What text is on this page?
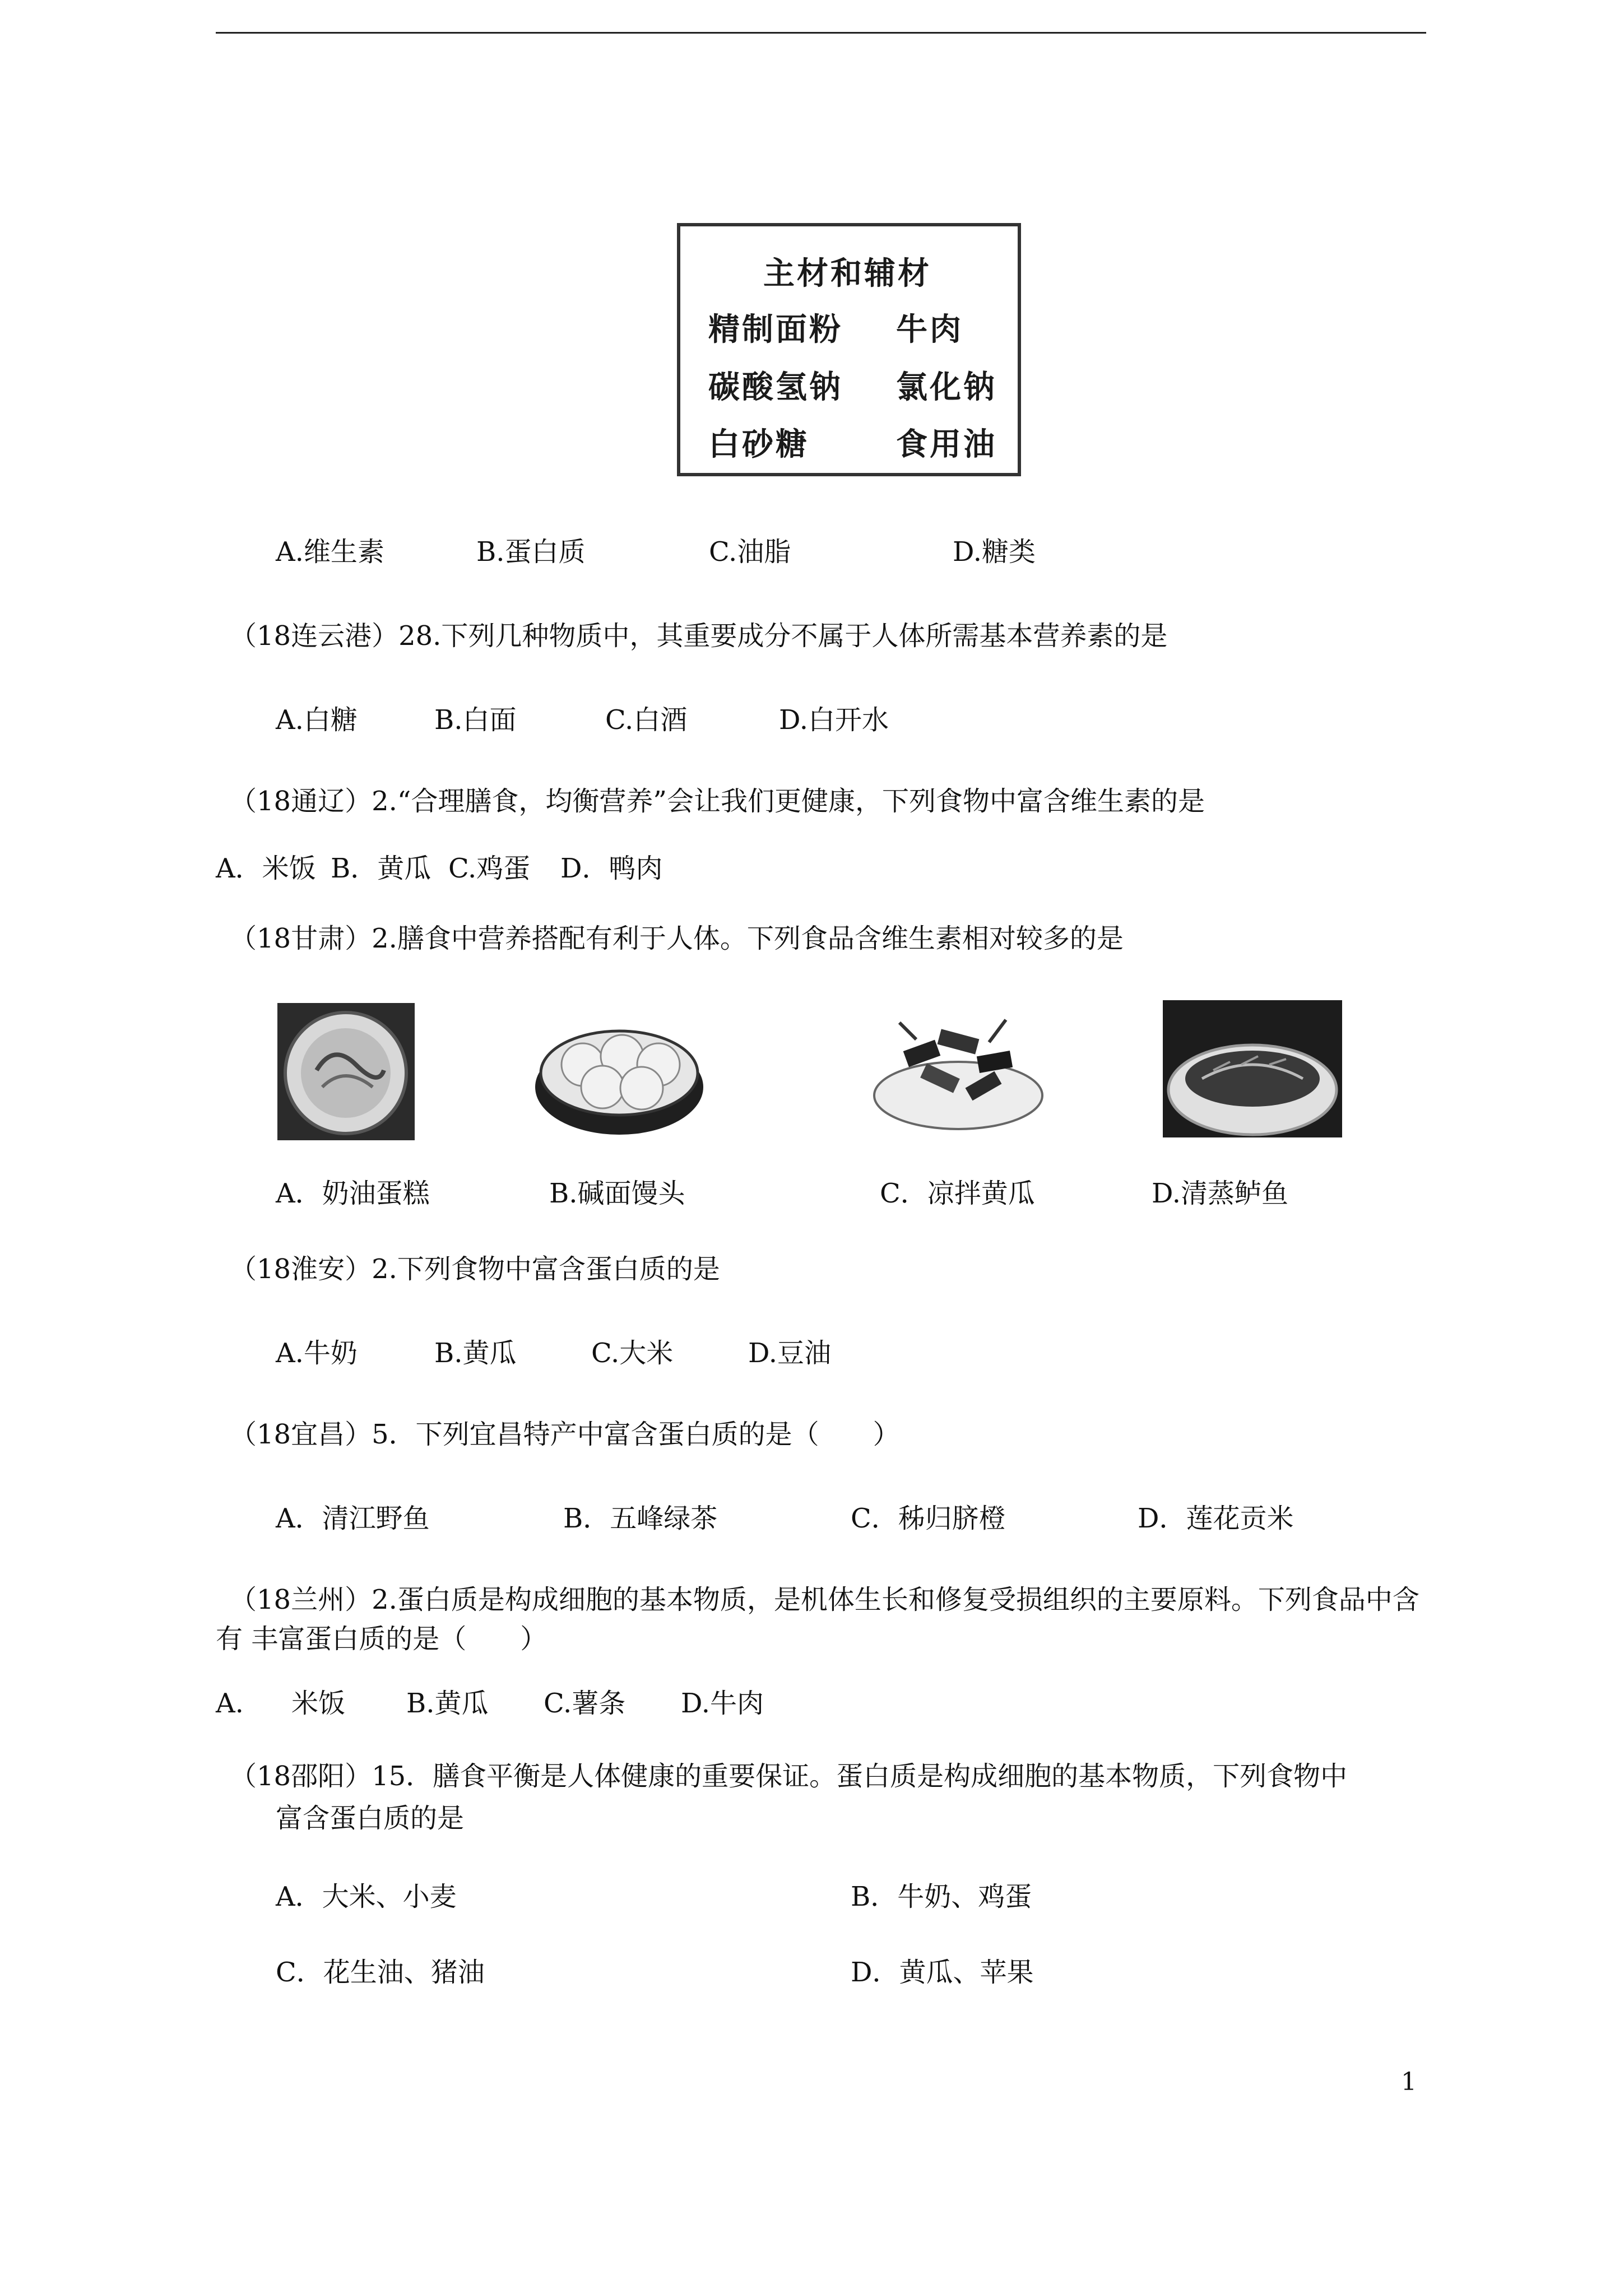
主材和辅材
精制面粉 牛肉
碳酸氢钠 氯化钠
白砂糖	食用油
A.维生素	B.蛋白质	C.油脂	D.糖类
（18连云港）28.下列几种物质中，其重要成分不属于人体所需基本营养素的是
A.白糖	B.白面	C.白酒	D.白开水
（18通辽）2.“合理膳食，均衡营养”会让我们更健康，下列食物中富含维生素的是
A．米饭 B．黄瓜 C.鸡蛋 D．鸭肉
（18甘肃）2.膳食中营养搭配有利于人体。下列食品含维生素相对较多的是
A．奶油蛋糕	B.碱面馒头	C．凉拌黄瓜	D.清蒸鲈鱼
（18淮安）2.下列食物中富含蛋白质的是
A.牛奶	B.黄瓜	C.大米	D.豆油
（18宜昌）5．下列宜昌特产中富含蛋白质的是（　　）
A．清江野鱼	B．五峰绿茶	C．秭归脐橙	D．莲花贡米
（18兰州）2.蛋白质是构成细胞的基本物质，是机体生长和修复受损组织的主要原料。下列食品中含
有 丰富蛋白质的是（　　）
A. 米饭 B.黄瓜 C.薯条 D.牛肉
（18邵阳）15．膳食平衡是人体健康的重要保证。蛋白质是构成细胞的基本物质，下列食物中
富含蛋白质的是
A．大米、小麦	B．牛奶、鸡蛋
C．花生油、猪油	D．黄瓜、苹果
1
